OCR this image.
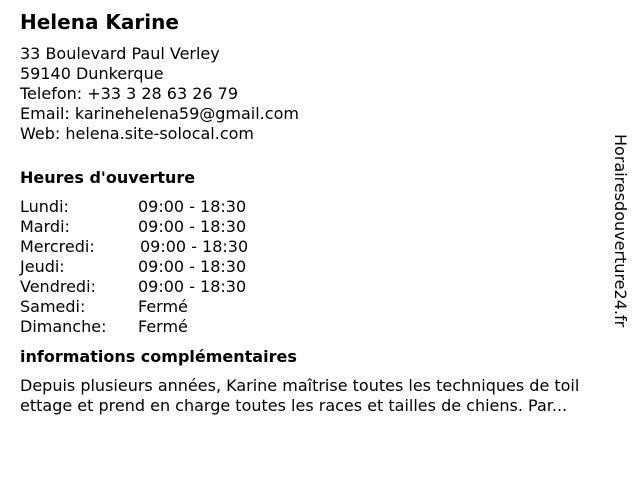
Helena Karine
33 Boulevard Paul Verley
59140 Dunkerque
Telefon: +33 3 28 63 26 79
Email: karinehelena59@gmail.com
Web: helena.site-solocal.com
Heures d'ouverture
Lundi:	09:00 - 18:30
Mardi:	09:00 - 18:30
Mercredi:	09:00 - 18:30
Jeudi:	09:00 - 18:30
Vendredi:	09:00 - 18:30
Samedi:	Fermé
Dimanche:	Fermé
informations complémentaires
Depuis plusieurs années, Karine maîtrise toutes les techniques de toil
ettage et prend en charge toutes les races et tailles de chiens. Par...
Horairesdouverture24.fr
